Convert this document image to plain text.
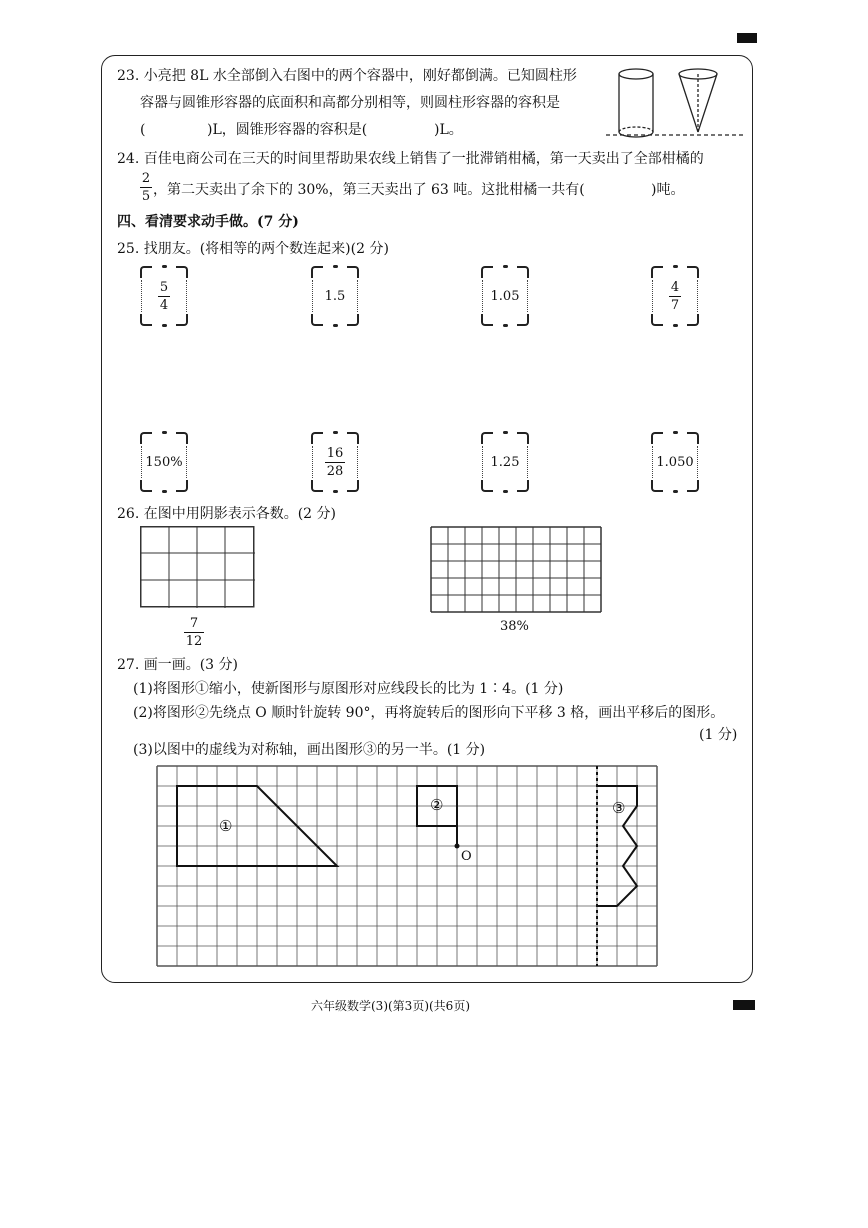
23. 小亮把 8L 水全部倒入右图中的两个容器中，刚好都倒满。已知圆柱形
容器与圆锥形容器的底面积和高都分别相等，则圆柱形容器的容积是
(	)L，圆锥形容器的容积是(	)L。
24. 百佳电商公司在三天的时间里帮助果农线上销售了一批滞销柑橘，第一天卖出了全部柑橘的
2
5 ，第二天卖出了余下的 30%，第三天卖出了 63 吨。这批柑橘一共有(	)吨。
四、看清要求动手做。(7 分)
25. 找朋友。(将相等的两个数连起来)(2 分)
5
4
1.5	1.05
4
7
150%
16
28
1.25	1.050
26. 在图中用阴影表示各数。(2 分)
7
12
38%
27. 画一画。(3 分)
(1)将图形①缩小，使新图形与原图形对应线段长的比为 1∶4。(1 分)
(2)将图形②先绕点 O 顺时针旋转 90°，再将旋转后的图形向下平移 3 格，画出平移后的图形。
(1 分)
(3)以图中的虚线为对称轴，画出图形③的另一半。(1 分)
①
②	③
O
六年级数学(3)(第3页)(共6页)
